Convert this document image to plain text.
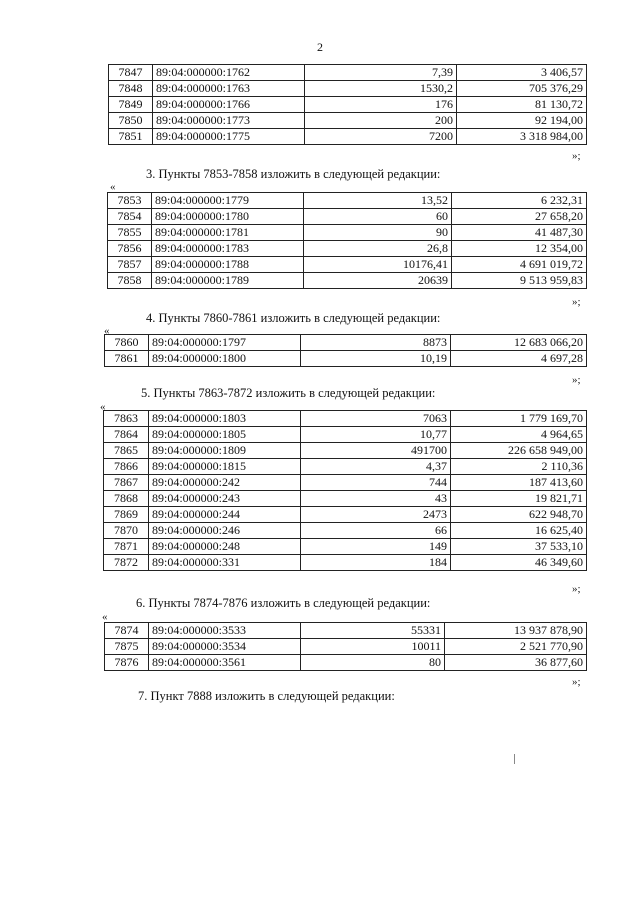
2
7847	89:04:000000:1762	7,39	3 406,57
7848	89:04:000000:1763	1530,2	705 376,29
7849	89:04:000000:1766	176	81 130,72
7850	89:04:000000:1773	200	92 194,00
7851	89:04:000000:1775	7200	3 318 984,00
»;
3. Пункты 7853-7858 изложить в следующей редакции:
«
7853	89:04:000000:1779	13,52	6 232,31
7854	89:04:000000:1780	60	27 658,20
7855	89:04:000000:1781	90	41 487,30
7856	89:04:000000:1783	26,8	12 354,00
7857	89:04:000000:1788	10176,41	4 691 019,72
7858	89:04:000000:1789	20639	9 513 959,83
»;
4. Пункты 7860-7861 изложить в следующей редакции:
«
7860	89:04:000000:1797	8873	12 683 066,20
7861	89:04:000000:1800	10,19	4 697,28
»;
5. Пункты 7863-7872 изложить в следующей редакции:
«
7863	89:04:000000:1803	7063	1 779 169,70
7864	89:04:000000:1805	10,77	4 964,65
7865	89:04:000000:1809	491700	226 658 949,00
7866	89:04:000000:1815	4,37	2 110,36
7867	89:04:000000:242	744	187 413,60
7868	89:04:000000:243	43	19 821,71
7869	89:04:000000:244	2473	622 948,70
7870	89:04:000000:246	66	16 625,40
7871	89:04:000000:248	149	37 533,10
7872	89:04:000000:331	184	46 349,60
»;
6. Пункты 7874-7876 изложить в следующей редакции:
«
7874	89:04:000000:3533	55331	13 937 878,90
7875	89:04:000000:3534	10011	2 521 770,90
7876	89:04:000000:3561	80	36 877,60
»;
7. Пункт 7888 изложить в следующей редакции:
